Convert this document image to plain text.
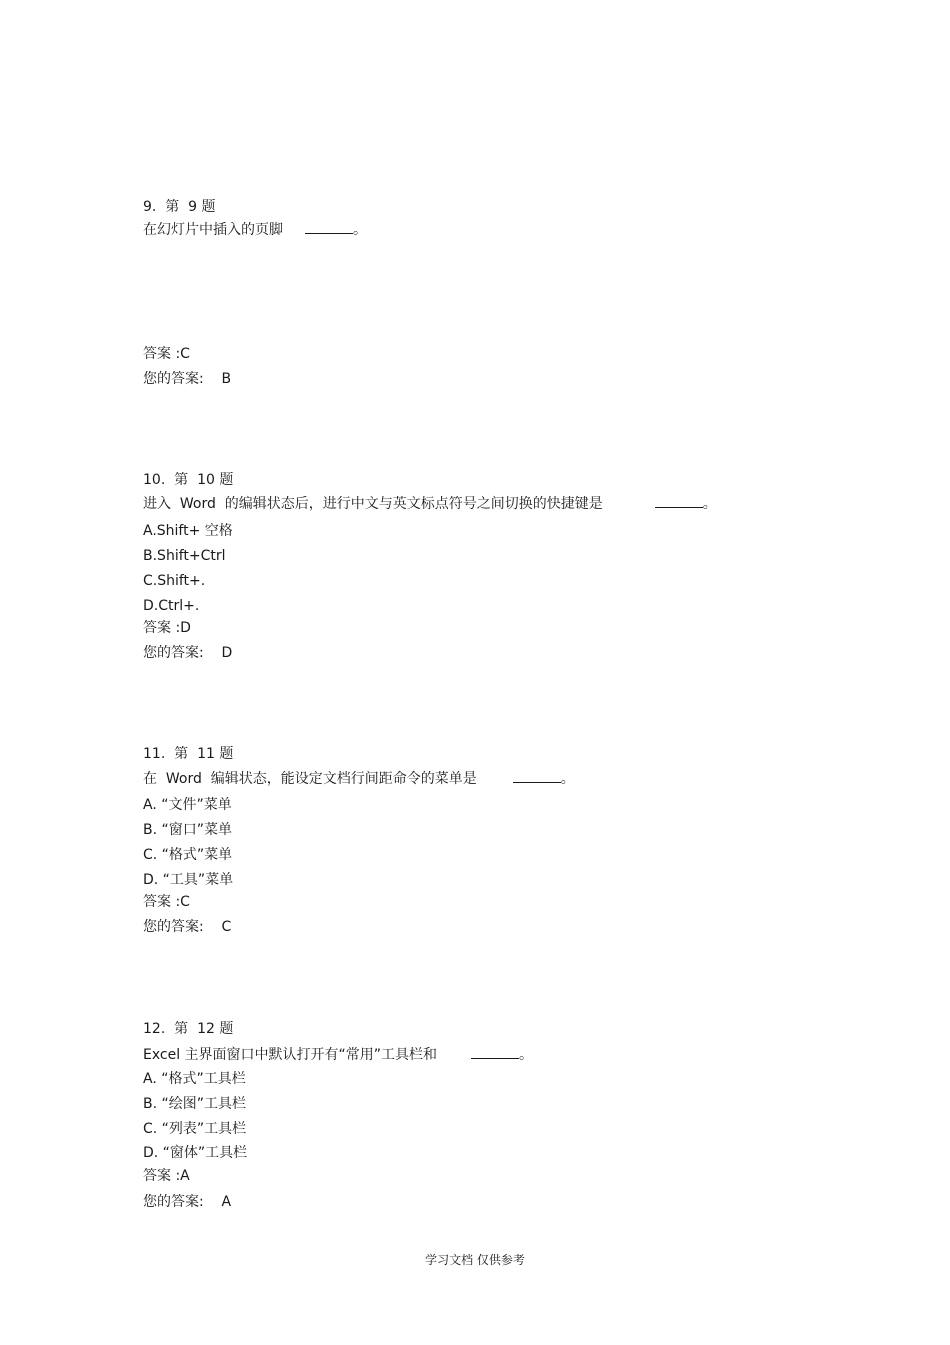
9.  第  9 题
在幻灯片中插入的页脚	。
答案 :C
您的答案:    B
10.  第  10 题
进入  Word  的编辑状态后，进行中文与英文标点符号之间切换的快捷键是	。
A.Shift+ 空格
B.Shift+Ctrl
C.Shift+.
D.Ctrl+.
答案 :D
您的答案:    D
11.  第  11 题
在  Word  编辑状态，能设定文档行间距命令的菜单是	。
A. “文件”菜单
B. “窗口”菜单
C. “格式”菜单
D. “工具”菜单
答案 :C
您的答案:    C
12.  第  12 题
Excel 主界面窗口中默认打开有“常用”工具栏和	。
A. “格式”工具栏
B. “绘图”工具栏
C. “列表”工具栏
D. “窗体”工具栏
答案 :A
您的答案:    A
学习文档 仅供参考
